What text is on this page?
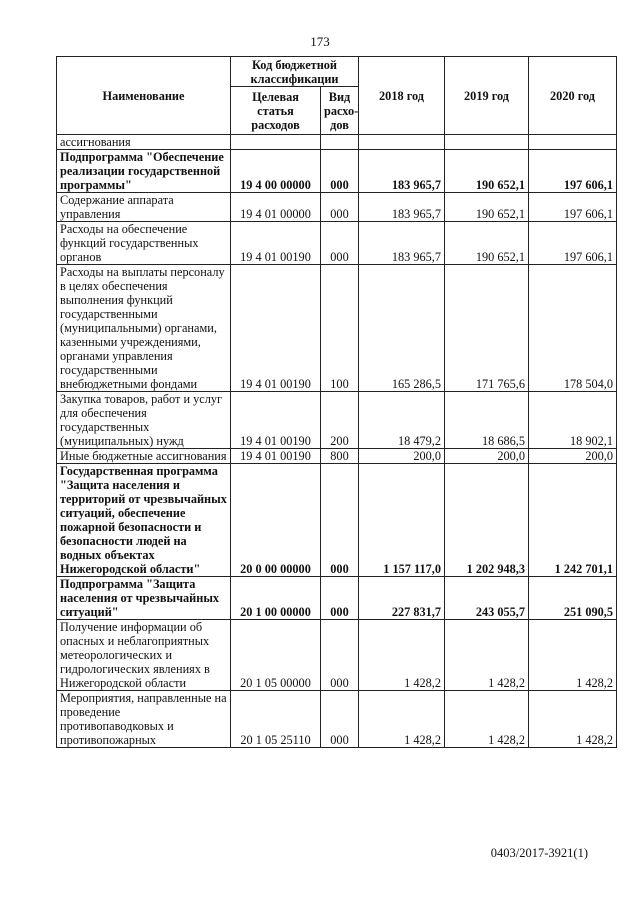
173
Наименование	Код бюджетной классификации		2018 год	2019 год	2020 год
	Целевая статья расходов	Вид расхо-дов			
ассигнования					
Подпрограмма "Обеспечение реализации государственной программы"	19 4 00 00000	000	183 965,7	190 652,1	197 606,1
Содержание аппарата управления	19 4 01 00000	000	183 965,7	190 652,1	197 606,1
Расходы на обеспечение функций государственных органов	19 4 01 00190	000	183 965,7	190 652,1	197 606,1
Расходы на выплаты персоналу в целях обеспечения выполнения функций государственными (муниципальными) органами, казенными учреждениями, органами управления государственными внебюджетными фондами	19 4 01 00190	100	165 286,5	171 765,6	178 504,0
Закупка товаров, работ и услуг для обеспечения государственных (муниципальных) нужд	19 4 01 00190	200	18 479,2	18 686,5	18 902,1
Иные бюджетные ассигнования	19 4 01 00190	800	200,0	200,0	200,0
Государственная программа "Защита населения и территорий от чрезвычайных ситуаций, обеспечение пожарной безопасности и безопасности людей на водных объектах Нижегородской области"	20 0 00 00000	000	1 157 117,0	1 202 948,3	1 242 701,1
Подпрограмма "Защита населения от чрезвычайных ситуаций"	20 1 00 00000	000	227 831,7	243 055,7	251 090,5
Получение информации об опасных и неблагоприятных метеорологических и гидрологических явлениях в Нижегородской области	20 1 05 00000	000	1 428,2	1 428,2	1 428,2
Мероприятия, направленные на проведение противопаводковых и противопожарных	20 1 05 25110	000	1 428,2	1 428,2	1 428,2
0403/2017-3921(1)
